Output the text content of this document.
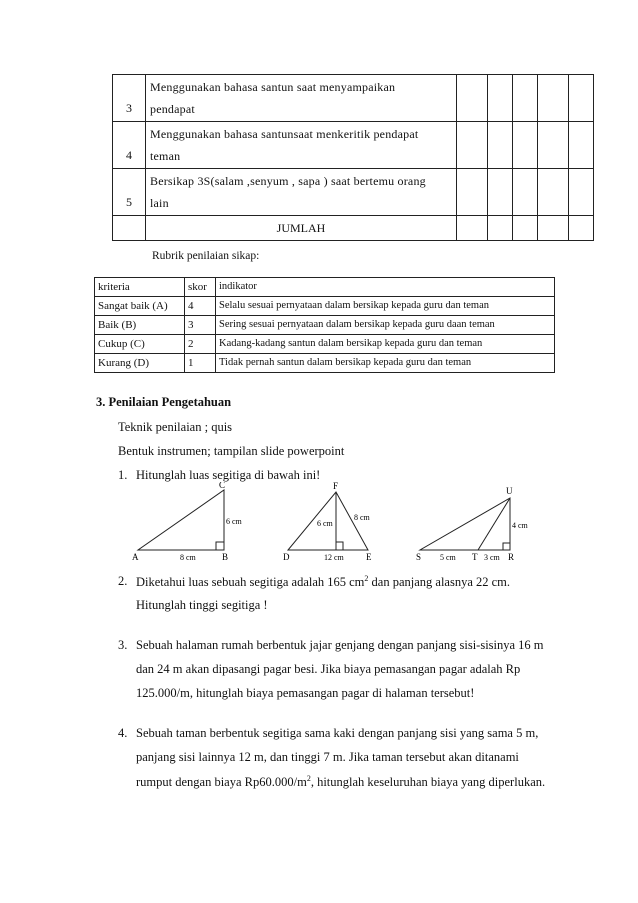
3	Menggunakan bahasa santun saat menyampaikan
pendapat					

4	Menggunakan bahasa santunsaat menkeritik pendapat
teman					

5	Bersikap 3S(salam ,senyum , sapa ) saat bertemu orang
lain					

	JUMLAH					
Rubrik penilaian sikap:
kriteria	skor	indikator
Sangat baik (A)	4	Selalu sesuai pernyataan dalam bersikap kepada guru dan teman
Baik (B)	3	Sering sesuai pernyataan dalam bersikap kepada guru daan teman
Cukup (C)	2	Kadang-kadang santun dalam bersikap kepada guru dan teman
Kurang (D)	1	Tidak pernah santun dalam bersikap kepada guru dan teman
3. Penilaian Pengetahuan
Teknik penilaian ; quis
Bentuk instrumen; tampilan slide powerpoint
1. Hitunglah luas segitiga di bawah ini!
A	B
C
8 cm
6 cm
D	E
F
12 cm
6 cm
8 cm
S	T	R
U
5 cm	3 cm
4 cm
2. Diketahui luas sebuah segitiga adalah 165 $cm^2$ dan panjang alasnya 22 cm.
Hitunglah tinggi segitiga !
3. Sebuah halaman rumah berbentuk jajar genjang dengan panjang sisi-sisinya 16 m
dan 24 m akan dipasangi pagar besi. Jika biaya pemasangan pagar adalah Rp
125.000/m, hitunglah biaya pemasangan pagar di halaman tersebut!
4. Sebuah taman berbentuk segitiga sama kaki dengan panjang sisi yang sama 5 m,
panjang sisi lainnya 12 m, dan tinggi 7 m. Jika taman tersebut akan ditanami
rumput dengan biaya $Rp60.000/m^2$, hitunglah keseluruhan biaya yang diperlukan.
